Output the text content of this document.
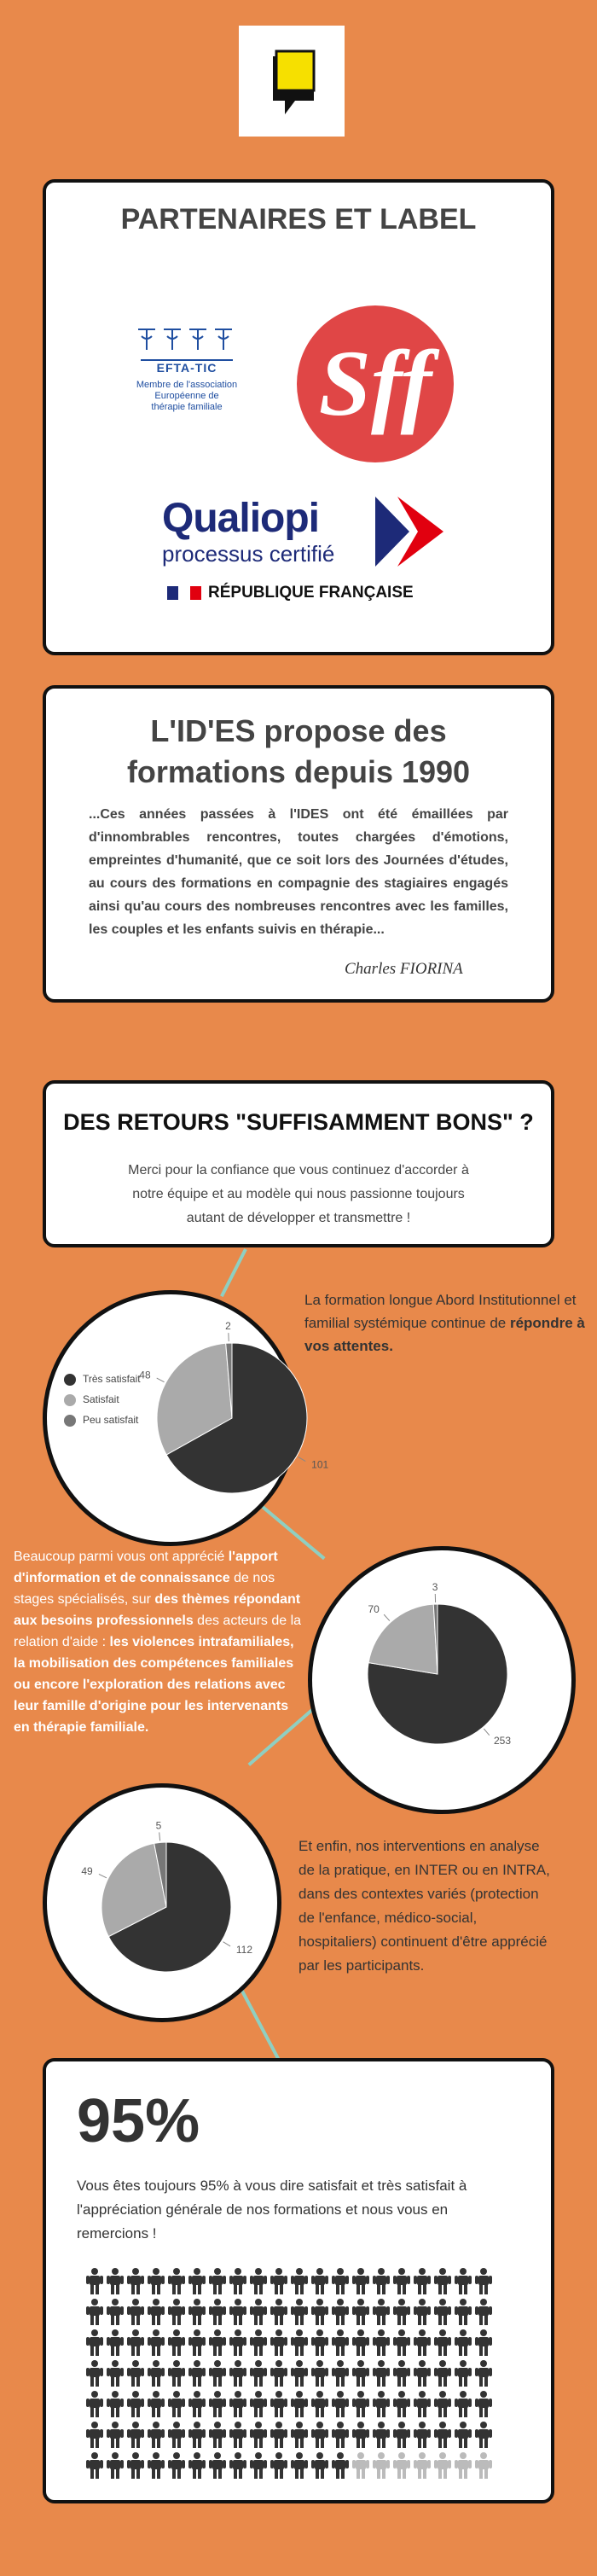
PARTENAIRES ET LABEL
EFTA-TIC
Membre de l'association
Européenne de
thérapie familiale Sff
Qualiopi
processus certifié
RÉPUBLIQUE FRANÇAISE
L'ID'ES propose des
formations depuis 1990
...Ces années passées à l'IDES ont été émaillées par d'innombrables rencontres, toutes chargées d'émotions, empreintes d'humanité, que ce soit lors des Journées d'études, au cours des formations en compagnie des stagiaires engagés ainsi qu'au cours des nombreuses rencontres avec les familles, les couples et les enfants suivis en thérapie...
Charles FIORINA
DES RETOURS "SUFFISAMMENT BONS" ?
Merci pour la confiance que vous continuez d'accorder à notre équipe et au modèle qui nous passionne toujours autant de développer et transmettre !
Très satisfait
Satisfait
Peu satisfait
101
48
2
La formation longue Abord Institutionnel et familial systémique continue de répondre à vos attentes.
Beaucoup parmi vous ont apprécié l'apport d'information et de connaissance de nos stages spécialisés, sur des thèmes répondant aux besoins professionnels des acteurs de la relation d'aide : les violences intrafamiliales, la mobilisation des compétences familiales ou encore l'exploration des relations avec leur famille d'origine pour les intervenants en thérapie familiale.
253
70
3
112
49
5
Et enfin, nos interventions en analyse de la pratique, en INTER ou en INTRA, dans des contextes variés (protection de l'enfance, médico-social, hospitaliers) continuent d'être apprécié par les participants.
95%
Vous êtes toujours 95% à vous dire satisfait et très satisfait à l'appréciation générale de nos formations et nous vous en remercions !
